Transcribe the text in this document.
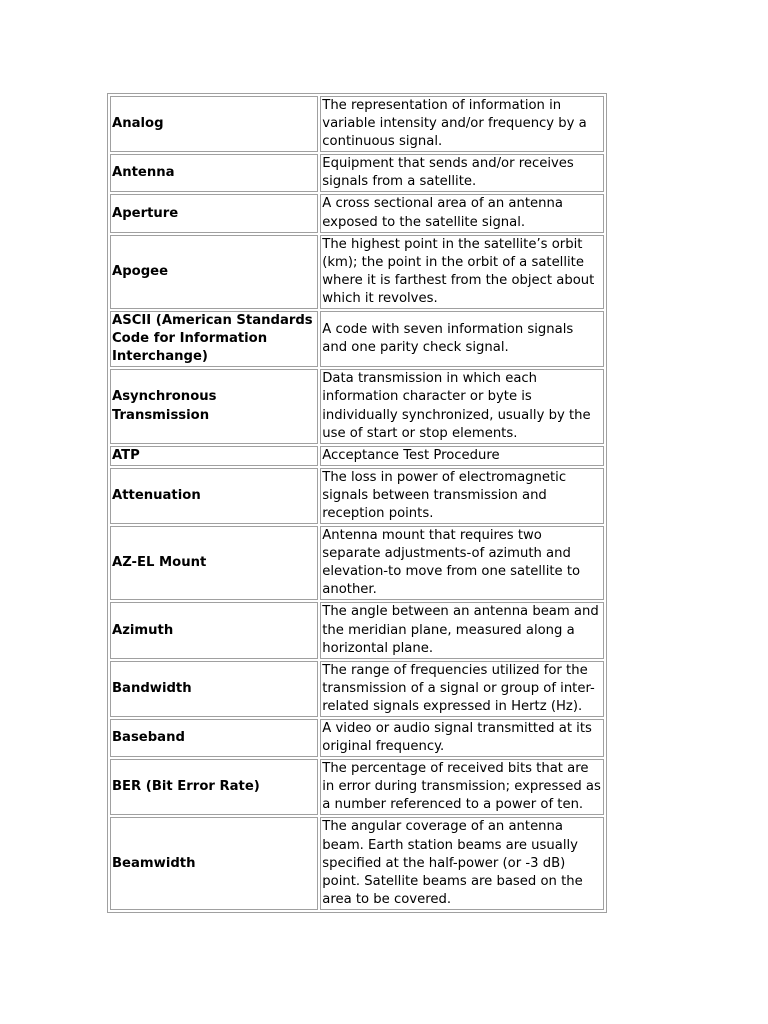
Analog	The representation of information in variable intensity and/or frequency by a continuous signal.
Antenna	Equipment that sends and/or receives signals from a satellite.
Aperture	A cross sectional area of an antenna exposed to the satellite signal.
Apogee	The highest point in the satellite’s orbit (km); the point in the orbit of a satellite where it is farthest from the object about which it revolves.
ASCII (American Standards Code for Information Interchange)	A code with seven information signals and one parity check signal.
Asynchronous Transmission	Data transmission in which each information character or byte is individually synchronized, usually by the use of start or stop elements.
ATP	Acceptance Test Procedure
Attenuation	The loss in power of electromagnetic signals between transmission and reception points.
AZ-EL Mount	Antenna mount that requires two separate adjustments-of azimuth and elevation-to move from one satellite to another.
Azimuth	The angle between an antenna beam and the meridian plane, measured along a horizontal plane.
Bandwidth	The range of frequencies utilized for the transmission of a signal or group of inter-related signals expressed in Hertz (Hz).
Baseband	A video or audio signal transmitted at its original frequency.
BER (Bit Error Rate)	The percentage of received bits that are in error during transmission; expressed as a number referenced to a power of ten.
Beamwidth	The angular coverage of an antenna beam. Earth station beams are usually specified at the half-power (or -3 dB) point. Satellite beams are based on the area to be covered.
